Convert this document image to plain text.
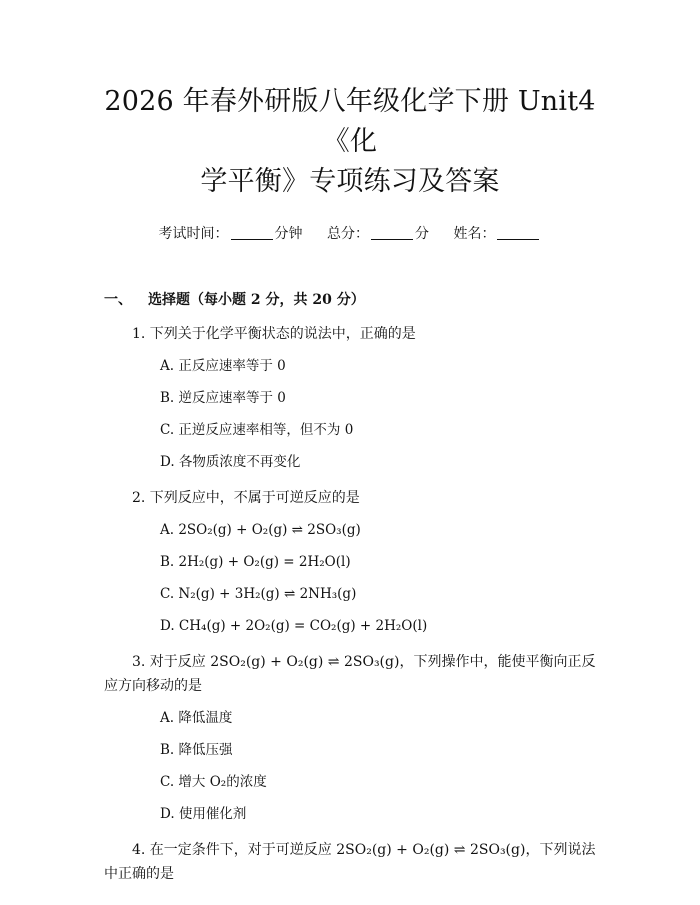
2026 年春外研版八年级化学下册 Unit4《化
学平衡》专项练习及答案
考试时间：	分钟 总分：	分 姓名：
一、 选择题（每小题 2 分，共 20 分）
1. 下列关于化学平衡状态的说法中，正确的是
A. 正反应速率等于 0
B. 逆反应速率等于 0
C. 正逆反应速率相等，但不为 0
D. 各物质浓度不再变化
2. 下列反应中，不属于可逆反应的是
A. 2SO₂(g) + O₂(g) ⇌ 2SO₃(g)
B. 2H₂(g) + O₂(g) = 2H₂O(l)
C. N₂(g) + 3H₂(g) ⇌ 2NH₃(g)
D. CH₄(g) + 2O₂(g) = CO₂(g) + 2H₂O(l)
3. 对于反应 2SO₂(g) + O₂(g) ⇌ 2SO₃(g)，下列操作中，能使平衡向正反应方向移动的是
A. 降低温度
B. 降低压强
C. 增大 O₂的浓度
D. 使用催化剂
4. 在一定条件下，对于可逆反应 2SO₂(g) + O₂(g) ⇌ 2SO₃(g)，下列说法中正确的是
